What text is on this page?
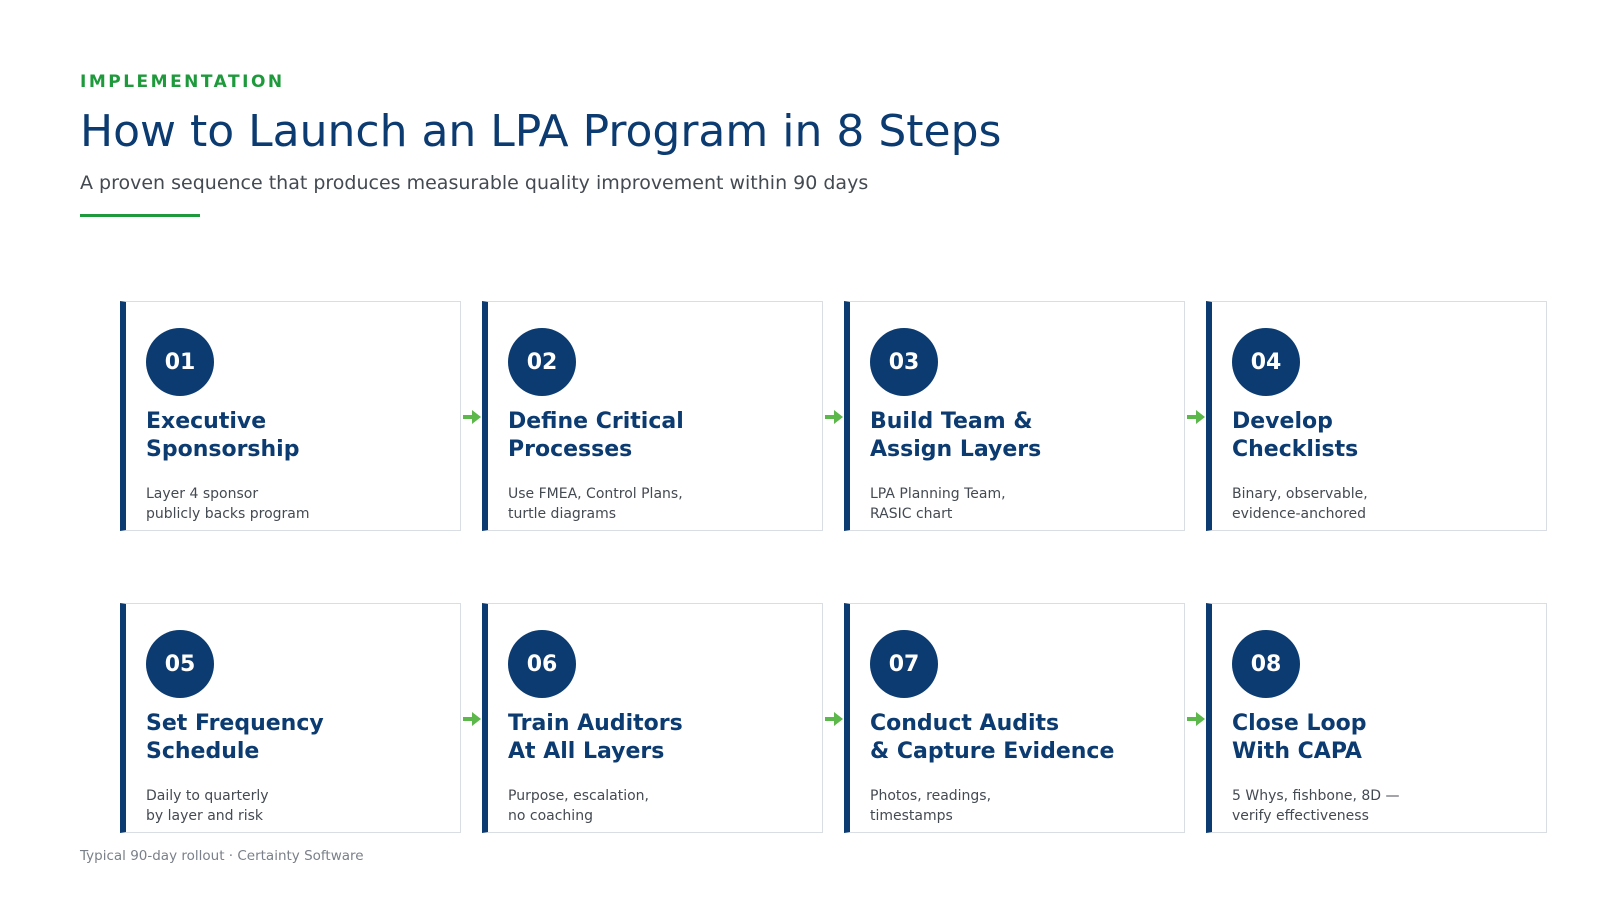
IMPLEMENTATION
How to Launch an LPA Program in 8 Steps
A proven sequence that produces measurable quality improvement within 90 days
01
Executive
Sponsorship
Layer 4 sponsor
publicly backs program
02
Define Critical
Processes
Use FMEA, Control Plans,
turtle diagrams
03
Build Team &
Assign Layers
LPA Planning Team,
RASIC chart
04
Develop
Checklists
Binary, observable,
evidence-anchored
05
Set Frequency
Schedule
Daily to quarterly
by layer and risk
06
Train Auditors
At All Layers
Purpose, escalation,
no coaching
07
Conduct Audits
& Capture Evidence
Photos, readings,
timestamps
08
Close Loop
With CAPA
5 Whys, fishbone, 8D —
verify effectiveness
Typical 90-day rollout · Certainty Software
